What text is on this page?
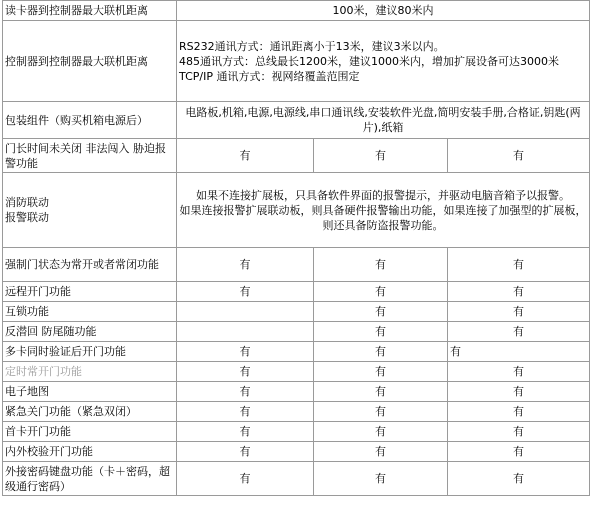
读卡器到控制器最大联机距离	100米，建议80米内		
控制器到控制器最大联机距离	RS232通讯方式：通讯距离小于13米，建议3米以内。
485通讯方式：总线最长1200米，建议1000米内，增加扩展设备可达3000米
TCP/IP 通讯方式：视网络覆盖范围定		

包装组件（购买机箱电源后）	电路板,机箱,电源,电源线,串口通讯线,安装软件光盘,简明安装手册,合格证,钥匙(两片),纸箱		
门长时间未关闭 非法闯入 胁迫报警功能	有	有	有
消防联动
报警联动	如果不连接扩展板，只具备软件界面的报警提示，并驱动电脑音箱予以报警。
如果连接报警扩展联动板，则具备硬件报警输出功能，如果连接了加强型的扩展板，则还具备防盗报警功能。		

强制门状态为常开或者常闭功能	有	有	有
远程开门功能	有	有	有
互锁功能		有	有
反潜回 防尾随功能		有	有
多卡同时验证后开门功能	有	有	有
定时常开门功能	有	有	有
电子地图	有	有	有
紧急关门功能（紧急双闭）	有	有	有
首卡开门功能	有	有	有
内外校验开门功能	有	有	有
外接密码键盘功能（卡＋密码，超级通行密码）	有	有	有
